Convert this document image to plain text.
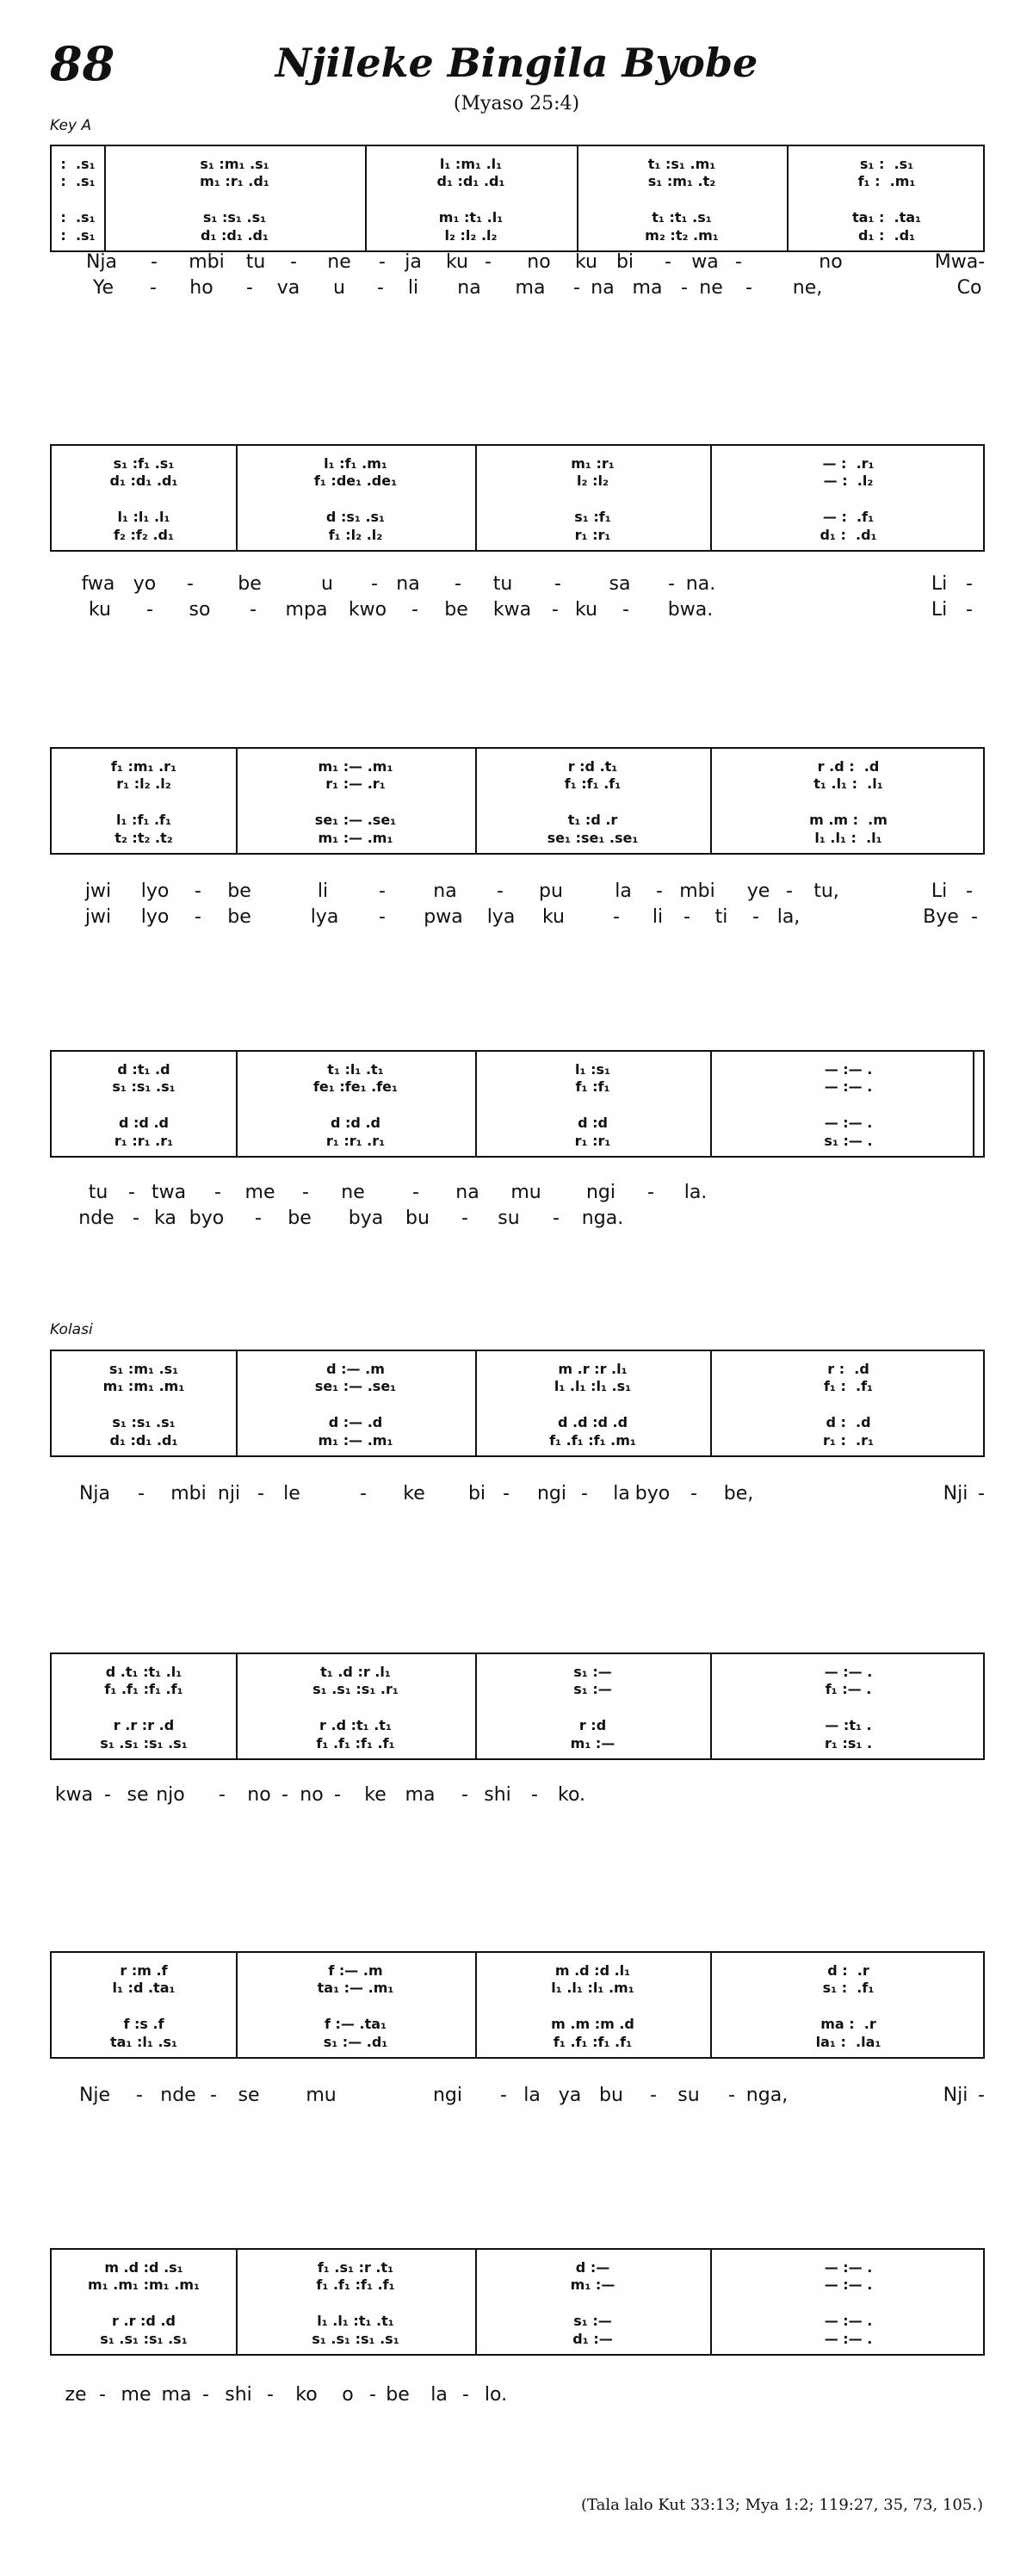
88	Njileke Bingila Byobe
(Myaso 25:4)
Key A
Kolasi
:  .s₁	s₁ :m₁ .s₁	l₁ :m₁ .l₁	t₁ :s₁ .m₁	s₁ :  .s₁
:  .s₁	m₁ :r₁ .d₁	d₁ :d₁ .d₁	s₁ :m₁ .t₂	f₁ :  .m₁
:  .s₁	s₁ :s₁ .s₁	m₁ :t₁ .l₁	t₁ :t₁ .s₁	ta₁ :  .ta₁
:  .s₁	d₁ :d₁ .d₁	l₂ :l₂ .l₂	m₂ :t₂ .m₁	d₁ :  .d₁
Nja - mbi tu - ne - ja ku - no ku bi - wa -	no	Mwa-
Ye - ho - va u - li na ma - na ma - ne - ne,	Co
s₁ :f₁ .s₁	l₁ :f₁ .m₁	m₁ :r₁	— :  .r₁
d₁ :d₁ .d₁	f₁ :de₁ .de₁	l₂ :l₂	— :  .l₂
l₁ :l₁ .l₁	d :s₁ .s₁	s₁ :f₁	— :  .f₁
f₂ :f₂ .d₁	f₁ :l₂ .l₂	r₁ :r₁	d₁ :  .d₁
fwa yo - be	u - na - tu -	sa - na.	Li -
ku - so - mpa kwo - be kwa - ku - bwa.	Li -
f₁ :m₁ .r₁	m₁ :— .m₁	r :d .t₁	r .d :  .d
r₁ :l₂ .l₂	r₁ :— .r₁	f₁ :f₁ .f₁	t₁ .l₁ :  .l₁
l₁ :f₁ .f₁	se₁ :— .se₁	t₁ :d .r	m .m :  .m
t₂ :t₂ .t₂	m₁ :— .m₁	se₁ :se₁ .se₁	l₁ .l₁ :  .l₁
jwi lyo - be	li	-	na - pu	la - mbi ye - tu,	Li -
jwi lyo - be	lya - pwa lya ku	- li - ti - la,	Bye -
d :t₁ .d	t₁ :l₁ .t₁	l₁ :s₁	— :— .
s₁ :s₁ .s₁	fe₁ :fe₁ .fe₁	f₁ :f₁	— :— .
d :d .d	d :d .d	d :d	— :— .
r₁ :r₁ .r₁	r₁ :r₁ .r₁	r₁ :r₁	s₁ :— .
tu - twa - me - ne	- na mu ngi - la.
nde - ka byo - be bya bu - su - nga.
s₁ :m₁ .s₁	d :— .m	m .r :r .l₁	r :  .d
m₁ :m₁ .m₁	se₁ :— .se₁	l₁ .l₁ :l₁ .s₁	f₁ :  .f₁
s₁ :s₁ .s₁	d :— .d	d .d :d .d	d :  .d
d₁ :d₁ .d₁	m₁ :— .m₁	f₁ .f₁ :f₁ .m₁	r₁ :  .r₁
Nja - mbi nji - le	- ke bi - ngi - la byo - be,	Nji -
d .t₁ :t₁ .l₁	t₁ .d :r .l₁	s₁ :—	— :— .
f₁ .f₁ :f₁ .f₁	s₁ .s₁ :s₁ .r₁	s₁ :—	f₁ :— .
r .r :r .d	r .d :t₁ .t₁	r :d	— :t₁ .
s₁ .s₁ :s₁ .s₁	f₁ .f₁ :f₁ .f₁	m₁ :—	r₁ :s₁ .
kwa - se njo - no - no - ke ma - shi - ko.
r :m .f	f :— .m	m .d :d .l₁	d :  .r
l₁ :d .ta₁	ta₁ :— .m₁	l₁ .l₁ :l₁ .m₁	s₁ :  .f₁
f :s .f	f :— .ta₁	m .m :m .d	ma :  .r
ta₁ :l₁ .s₁	s₁ :— .d₁	f₁ .f₁ :f₁ .f₁	la₁ :  .la₁
Nje - nde - se mu	ngi - la ya bu - su - nga,	Nji -
m .d :d .s₁	f₁ .s₁ :r .t₁	d :—	— :— .
m₁ .m₁ :m₁ .m₁	f₁ .f₁ :f₁ .f₁	m₁ :—	— :— .
r .r :d .d	l₁ .l₁ :t₁ .t₁	s₁ :—	— :— .
s₁ .s₁ :s₁ .s₁	s₁ .s₁ :s₁ .s₁	d₁ :—	— :— .
ze - me ma - shi - ko o - be la - lo.
(Tala lalo Kut 33:13; Mya 1:2; 119:27, 35, 73, 105.)
